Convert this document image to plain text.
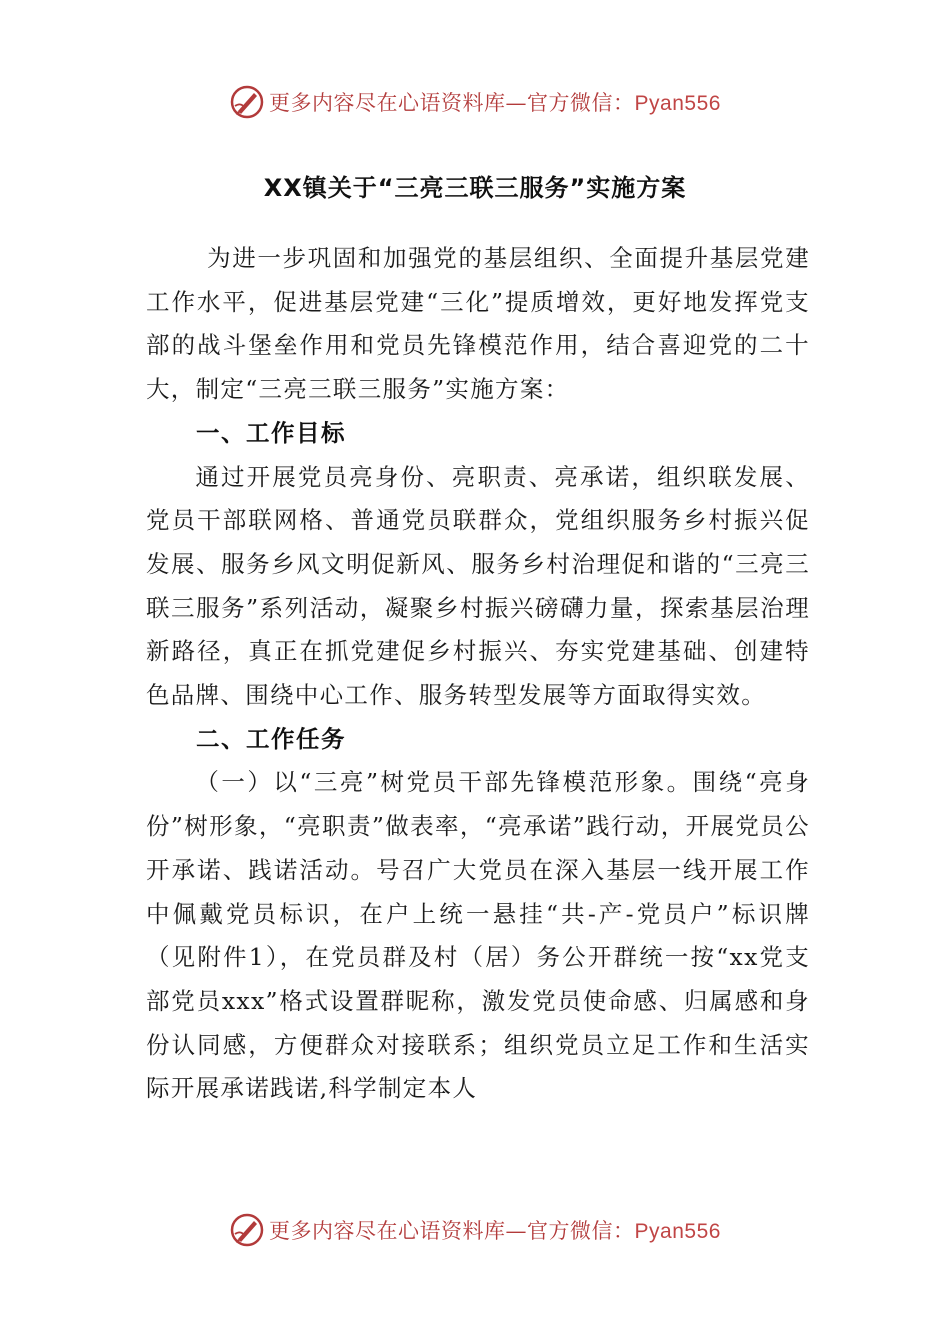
更多内容尽在心语资料库—官方微信：Pyan556
XX镇关于“三亮三联三服务”实施方案

为进一步巩固和加强党的基层组织、全面提升基层党建工作水平，促进基层党建“三化”提质增效，更好地发挥党支部的战斗堡垒作用和党员先锋模范作用，结合喜迎党的二十大，制定“三亮三联三服务”实施方案：

一、工作目标

通过开展党员亮身份、亮职责、亮承诺，组织联发展、党员干部联网格、普通党员联群众，党组织服务乡村振兴促发展、服务乡风文明促新风、服务乡村治理促和谐的“三亮三联三服务”系列活动，凝聚乡村振兴磅礴力量，探索基层治理新路径，真正在抓党建促乡村振兴、夯实党建基础、创建特色品牌、围绕中心工作、服务转型发展等方面取得实效。

二、工作任务

（一）以“三亮”树党员干部先锋模范形象。围绕“亮身份”树形象，“亮职责”做表率，“亮承诺”践行动，开展党员公开承诺、践诺活动。号召广大党员在深入基层一线开展工作中佩戴党员标识，在户上统一悬挂“共-产-党员户”标识牌（见附件1），在党员群及村（居）务公开群统一按“xx党支部党员xxx”格式设置群昵称，激发党员使命感、归属感和身份认同感，方便群众对接联系；组织党员立足工作和生活实际开展承诺践诺,科学制定本人

更多内容尽在心语资料库—官方微信：Pyan556
